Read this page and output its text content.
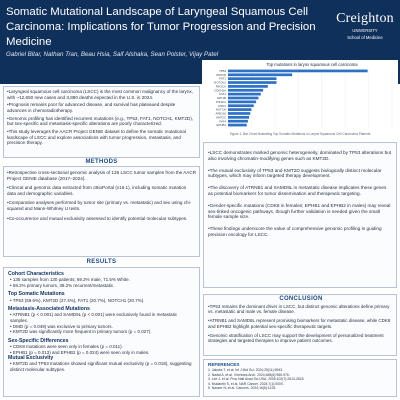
Somatic Mutational Landscape of Laryngeal Squamous Cell Carcinoma: Implications for Tumor Progression and Precision Medicine
Gabriel Bitar, Nathan Tran, Beau Hsia, Saif Alshaka, Sean Polster, Vijay Patel
Creighton
UNIVERSITY
School of Medicine
•Laryngeal squamous cell carcinoma (LSCC) is the most common malignancy of the larynx, with ~12,650 new cases and 3,880 deaths expected in the U.S. in 2024.
•Prognosis remains poor for advanced disease, and survival has plateaued despite advances in chemoradiotherapy.
•Genomic profiling has identified recurrent mutations (e.g., TP53, FAT1, NOTCH1, KMT2D), but sex-specific and metastasis-specific alterations are poorly characterized.
•This study leverages the AACR Project GENIE dataset to define the somatic mutational landscape of LSCC and explore associations with tumor progression, metastasis, and precision therapy.
METHODS
•Retrospective cross-sectional genomic analysis of 135 LSCC tumor samples from the AACR Project GENIE database (2017–2024).
•Clinical and genomic data extracted from cBioPortal (v16.1), including somatic mutation data and demographic variables.
•Comparative analyses performed by tumor site (primary vs. metastatic) and sex using chi-squared and Mann-Whitney U tests.
•Co-occurrence and mutual exclusivity assessed to identify potential molecular subtypes.
RESULTS
Cohort Characteristics
• 135 samples from 130 patients; 69.2% male, 71.5% White.
• 59.2% primary tumors, 39.2% recurrent/metastatic.
Top Somatic Mutations
• TP53 (59.6%), KMT2D (27.4%), FAT1 (20.7%), NOTCH1 (20.7%).
Metastasis-Associated Mutations
• ATRNB1 (p < 0.001) and SAMD9L (p < 0.001) were exclusively found in metastatic samples.
• DMD (p = 0.049) was exclusive to primary tumors.
• KMT2D was significantly more frequent in primary tumors (p = 0.027).
Sex-Specific Differences
• CDK8 mutations were seen only in females (p = 0.011).
• EPHB1 (p = 0.013) and EPHB2 (p = 0.024) were seen only in males.
Mutual Exclusivity
• KMT2D and TP53 mutations showed significant mutual exclusivity (p = 0.018), suggesting distinct molecular subtypes.
Top mutations in larynx squamous cell carcinoma
TP53
KMT2D
FAT1
NOTCH1
PIK3CA
CDKN2A
FAT1
LRP1B
PIK3C2
NSD1
NOTCH
ARID1A
KMT2C
FAT4
EPHB1
Figure 1. Bar Chart Illustrating Top Somatic Mutations in Larynx Squamous Cell Carcinoma Patients
•LSCC demonstrates marked genomic heterogeneity, dominated by TP53 alterations but also involving chromatin-modifying genes such as KMT2D.
•The mutual exclusivity of TP53 and KMT2D suggests biologically distinct molecular subtypes, which may inform targeted therapy development.
•The discovery of ATRNB1 and SAMD9L in metastatic disease implicates these genes as potential biomarkers for tumor dissemination and therapeutic targeting.
•Gender-specific mutations (CDK8 in females; EPHB1 and EPHB2 in males) may reveal sex-linked oncogenic pathways, though further validation is needed given the small female sample size.
•These findings underscore the value of comprehensive genomic profiling in guiding precision oncology for LSCC.
CONCLUSION
•TP53 remains the dominant driver in LSCC, but distinct genomic alterations define primary vs. metastatic and male vs. female disease.
•ATRNB1 and SAMD9L represent promising biomarkers for metastatic disease, while CDK8 and EPHB2 highlight potential sex-specific therapeutic targets.
•Genomic stratification of LSCC may support the development of personalized treatment strategies and targeted therapies to improve patient outcomes.
REFERENCES
1. Jakobs T, et al. Int J Mol Sci. 2024;25(11):5943.
2. Nadal A, et al. Virchows Arch. 2024;485(6):965-976.
3. Lee J, et al. Proc Natl Acad Sci USA. 2005;102(7):2613-2618.
4. Mudambi S, et al. NAR Cancer. 2024;7(1):0000.
5. Nasser N, et al. Cancers. 2024;16(6):1125.
